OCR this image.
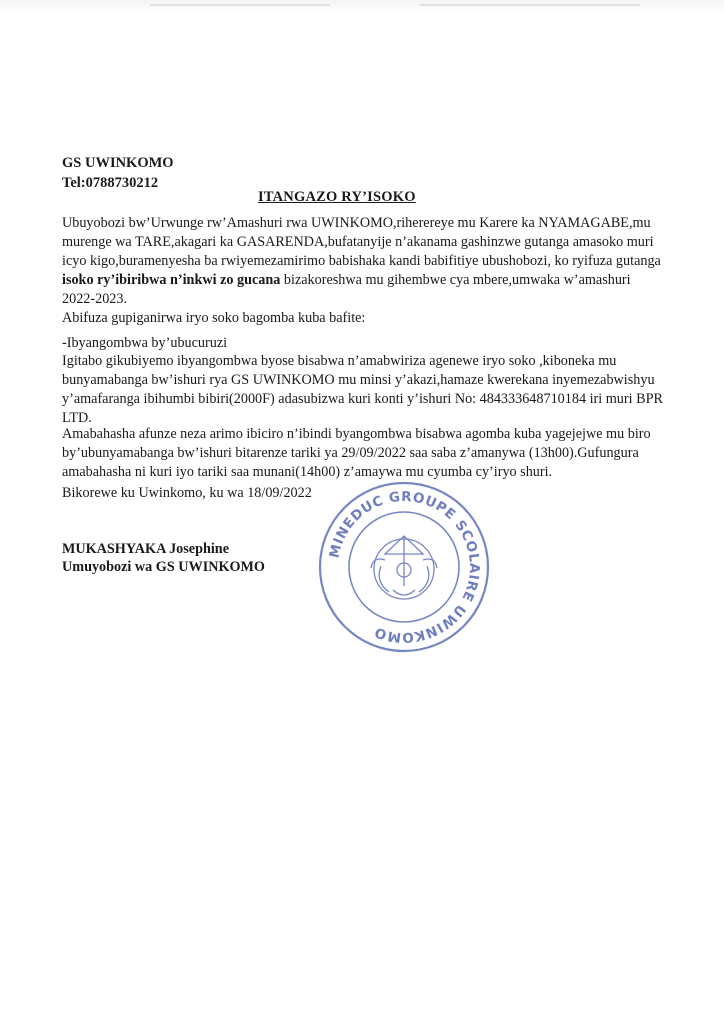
GS UWINKOMO
Tel:0788730212
ITANGAZO RY’ISOKO
Ubuyobozi bw’Urwunge rw’Amashuri rwa UWINKOMO,riherereye mu Karere ka NYAMAGABE,mu
murenge wa TARE,akagari ka GASARENDA,bufatanyije n’akanama gashinzwe gutanga amasoko muri
icyo kigo,buramenyesha ba rwiyemezamirimo babishaka kandi babifitiye ubushobozi, ko ryifuza gutanga
isoko ry’ibiribwa n’inkwi zo gucana bizakoreshwa mu gihembwe cya mbere,umwaka w’amashuri
2022-2023.
Abifuza gupiganirwa iryo soko bagomba kuba bafite:
-Ibyangombwa by’ubucuruzi
Igitabo gikubiyemo ibyangombwa byose bisabwa n’amabwiriza agenewe iryo soko ,kiboneka mu
bunyamabanga bw’ishuri rya GS UWINKOMO mu minsi y’akazi,hamaze kwerekana inyemezabwishyu
y’amafaranga ibihumbi bibiri(2000F) adasubizwa kuri konti y’ishuri No: 484333648710184 iri muri BPR
LTD.
Amabahasha afunze neza arimo ibiciro n’ibindi byangombwa bisabwa agomba kuba yagejejwe mu biro
by’ubunyamabanga bw’ishuri bitarenze tariki ya 29/09/2022 saa saba z’amanywa (13h00).Gufungura
amabahasha ni kuri iyo tariki saa munani(14h00) z’amaywa mu cyumba cy’iryo shuri.
Bikorewe ku Uwinkomo, ku wa 18/09/2022
MUKASHYAKA Josephine
Umuyobozi wa GS UWINKOMO
MINEDUC GROUPE SCOLAIRE UWINKOMO
